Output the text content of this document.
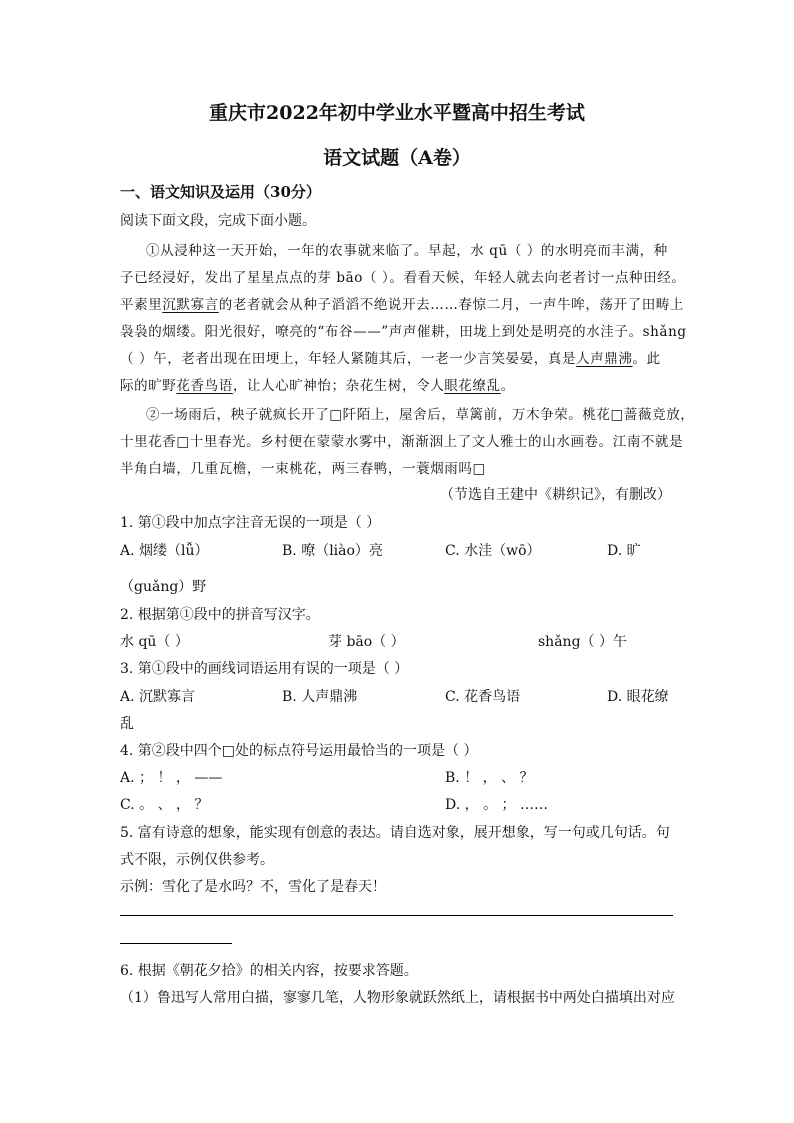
重庆市2022年初中学业水平暨高中招生考试
语文试题（A卷）
一、语文知识及运用（30分）
阅读下面文段，完成下面小题。
①从浸种这一天开始，一年的农事就来临了。早起，水 qū（ ）的水明亮而丰满，种
子已经浸好，发出了星星点点的芽 bāo（ ）。看看天候，年轻人就去向老者讨一点种田经。
平素里沉默寡言的老者就会从种子滔滔不绝说开去……春惊二月，一声牛哞，荡开了田畴上
袅袅的烟缕。阳光很好，嘹亮的“布谷——”声声催耕，田垅上到处是明亮的水洼子。shǎng
（ ）午，老者出现在田埂上，年轻人紧随其后，一老一少言笑晏晏，真是人声鼎沸。此
际的旷野花香鸟语，让人心旷神怡；杂花生树，令人眼花缭乱。
②一场雨后，秧子就疯长开了□阡陌上，屋舍后，草篱前，万木争荣。桃花□蔷薇竞放，
十里花香□十里春光。乡村便在蒙蒙水雾中，渐渐洇上了文人雅士的山水画卷。江南不就是
半角白墙，几重瓦檐，一束桃花，两三春鸭，一蓑烟雨吗□
（节选自王建中《耕织记》，有删改）
1. 第①段中加点字注音无误的一项是（ ）
A. 烟缕（lǚ）	B. 嘹（liào）亮	C. 水洼（wō）	D. 旷
（guǎng）野
2. 根据第①段中的拼音写汉字。
水 qū（ ）	芽 bāo（ ）	shǎng（ ）午
3. 第①段中的画线词语运用有误的一项是（ ）
A. 沉默寡言	B. 人声鼎沸	C. 花香鸟语	D. 眼花缭
乱
4. 第②段中四个□处的标点符号运用最恰当的一项是（ ）
A. ； ！ ， ——	B. ！ ， 、 ？
C. 。 、 ， ？	D. ， 。 ； ……
5. 富有诗意的想象，能实现有创意的表达。请自选对象，展开想象，写一句或几句话。句
式不限，示例仅供参考。
示例：雪化了是水吗？不，雪化了是春天！
6. 根据《朝花夕拾》的相关内容，按要求答题。
（1）鲁迅写人常用白描，寥寥几笔，人物形象就跃然纸上，请根据书中两处白描填出对应
